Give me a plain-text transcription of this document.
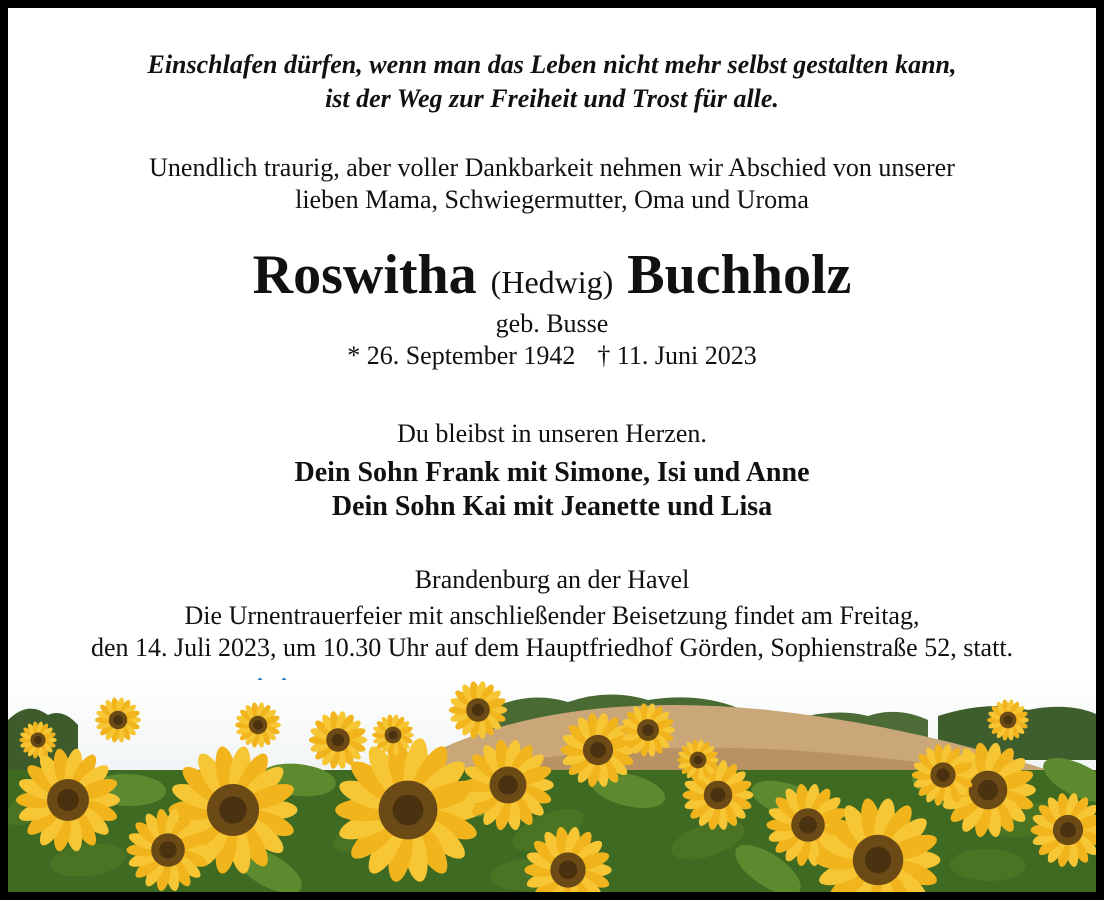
Einschlafen dürfen, wenn man das Leben nicht mehr selbst gestalten kann,
ist der Weg zur Freiheit und Trost für alle.
Unendlich traurig, aber voller Dankbarkeit nehmen wir Abschied von unserer
lieben Mama, Schwiegermutter, Oma und Uroma
Roswitha (Hedwig) Buchholz
geb. Busse
* 26. September 1942 † 11. Juni 2023
Du bleibst in unseren Herzen.
Dein Sohn Frank mit Simone, Isi und Anne
Dein Sohn Kai mit Jeanette und Lisa
Brandenburg an der Havel
Die Urnentrauerfeier mit anschließender Beisetzung findet am Freitag,
den 14. Juli 2023, um 10.30 Uhr auf dem Hauptfriedhof Görden, Sophienstraße 52, statt.
